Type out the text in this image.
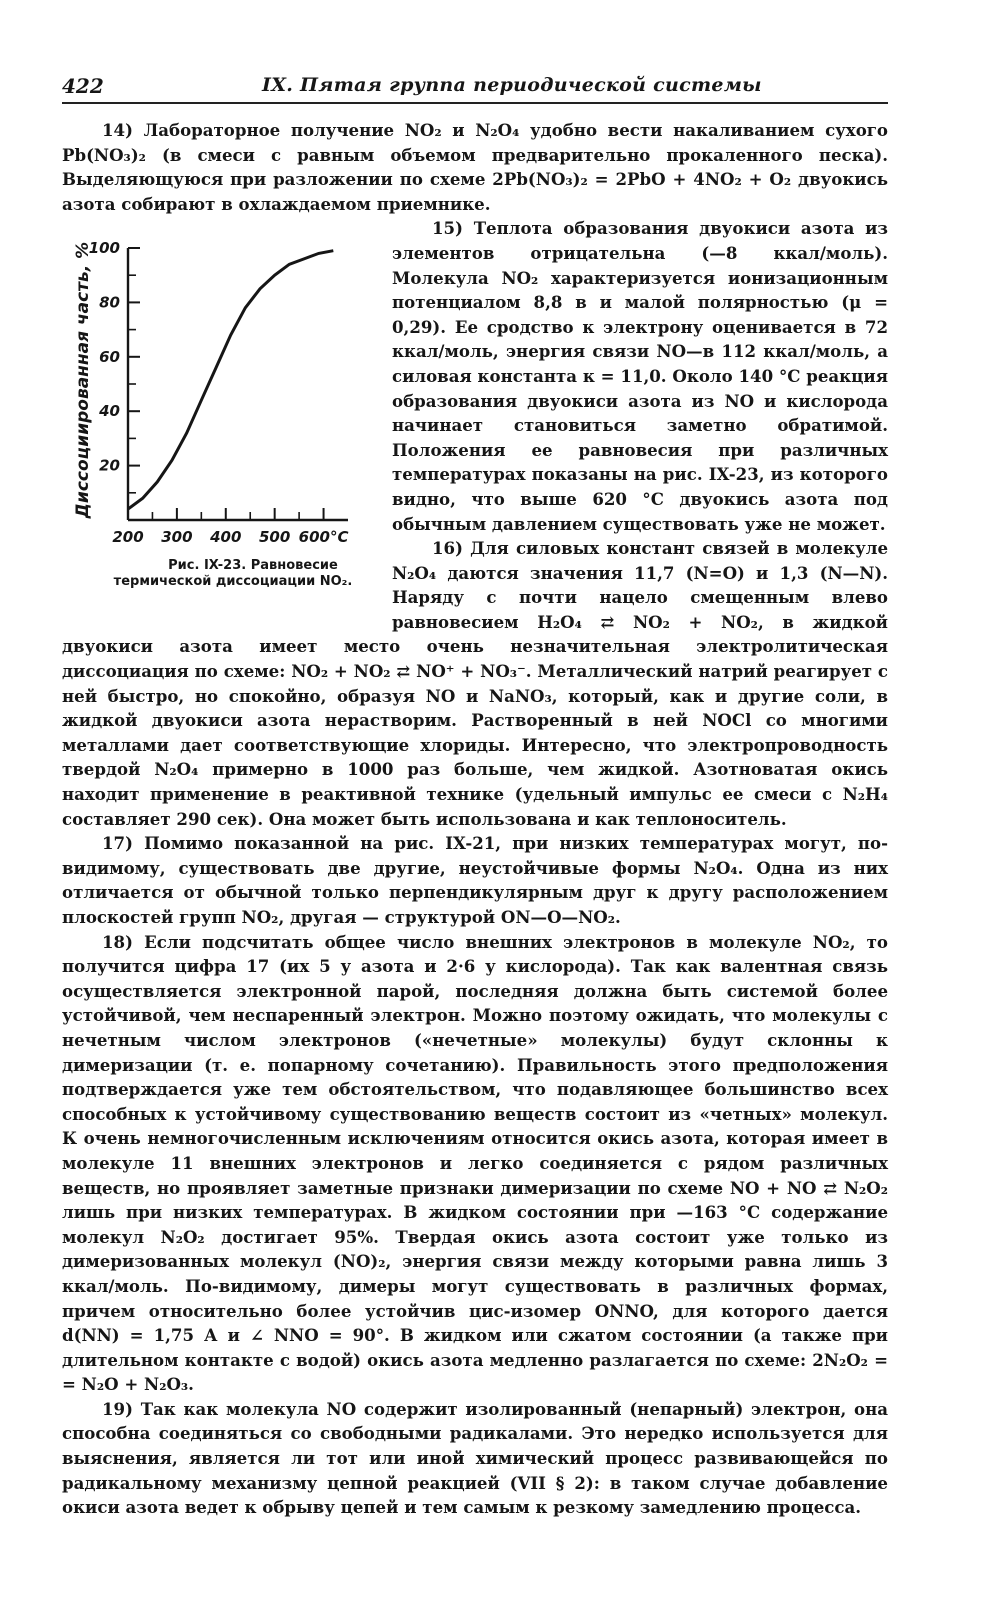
422	IX. Пятая группа периодической системы

14) Лабораторное получение NO₂ и N₂O₄ удобно вести накаливанием сухого Pb(NO₃)₂ (в смеси с равным объемом предварительно прокаленного песка). Выделяющуюся при разложении по схеме 2Pb(NO₃)₂ = 2PbO + 4NO₂ + O₂ двуокись азота собирают в охлаждаемом приемнике.

Диссоциированная часть, % 20
40
60
80
100
200 300 400 500 600°С
Рис. IX-23. Равновесие термической диссоциации NO₂.
15) Теплота образования двуокиси азота из элементов отрицательна (—8 ккал/моль). Молекула NO₂ характеризуется ионизационным потенциалом 8,8 в и малой полярностью (μ = 0,29). Ее сродство к электрону оценивается в 72 ккал/моль, энергия связи NO—в 112 ккал/моль, а силовая константа к = 11,0. Около 140 °С реакция образования двуокиси азота из NO и кислорода начинает становиться заметно обратимой. Положения ее равновесия при различных температурах показаны на рис. IX-23, из которого видно, что выше 620 °С двуокись азота под обычным давлением существовать уже не может.

16) Для силовых констант связей в молекуле N₂O₄ даются значения 11,7 (N=O) и 1,3 (N—N). Наряду с почти нацело смещенным влево равновесием H₂O₄ ⇄ NO₂ + NO₂, в жидкой двуокиси азота имеет место очень незначительная электролитическая диссоциация по схеме: NO₂ + NO₂ ⇄ NO⁺ + NO₃⁻. Металлический натрий реагирует с ней быстро, но спокойно, образуя NO и NaNO₃, который, как и другие соли, в жидкой двуокиси азота нерастворим. Растворенный в ней NOCl со многими металлами дает соответствующие хлориды. Интересно, что электропроводность твердой N₂O₄ примерно в 1000 раз больше, чем жидкой. Азотноватая окись находит применение в реактивной технике (удельный импульс ее смеси с N₂H₄ составляет 290 сек). Она может быть использована и как теплоноситель.

17) Помимо показанной на рис. IX-21, при низких температурах могут, по-видимому, существовать две другие, неустойчивые формы N₂O₄. Одна из них отличается от обычной только перпендикулярным друг к другу расположением плоскостей групп NO₂, другая — структурой ON—O—NO₂.

18) Если подсчитать общее число внешних электронов в молекуле NO₂, то получится цифра 17 (их 5 у азота и 2·6 у кислорода). Так как валентная связь осуществляется электронной парой, последняя должна быть системой более устойчивой, чем неспаренный электрон. Можно поэтому ожидать, что молекулы с нечетным числом электронов («нечетные» молекулы) будут склонны к димеризации (т. е. попарному сочетанию). Правильность этого предположения подтверждается уже тем обстоятельством, что подавляющее большинство всех способных к устойчивому существованию веществ состоит из «четных» молекул. К очень немногочисленным исключениям относится окись азота, которая имеет в молекуле 11 внешних электронов и легко соединяется с рядом различных веществ, но проявляет заметные признаки димеризации по схеме NO + NO ⇄ N₂O₂ лишь при низких температурах. В жидком состоянии при —163 °С содержание молекул N₂O₂ достигает 95%. Твердая окись азота состоит уже только из димеризованных молекул (NO)₂, энергия связи между которыми равна лишь 3 ккал/моль. По-видимому, димеры могут существовать в различных формах, причем относительно более устойчив цис-изомер ONNO, для которого дается d(NN) = 1,75 А и ∠ NNO = 90°. В жидком или сжатом состоянии (а также при длительном контакте с водой) окись азота медленно разлагается по схеме: 2N₂O₂ = = N₂O + N₂O₃.

19) Так как молекула NO содержит изолированный (непарный) электрон, она способна соединяться со свободными радикалами. Это нередко используется для выяснения, является ли тот или иной химический процесс развивающейся по радикальному механизму цепной реакцией (VII § 2): в таком случае добавление окиси азота ведет к обрыву цепей и тем самым к резкому замедлению процесса.
